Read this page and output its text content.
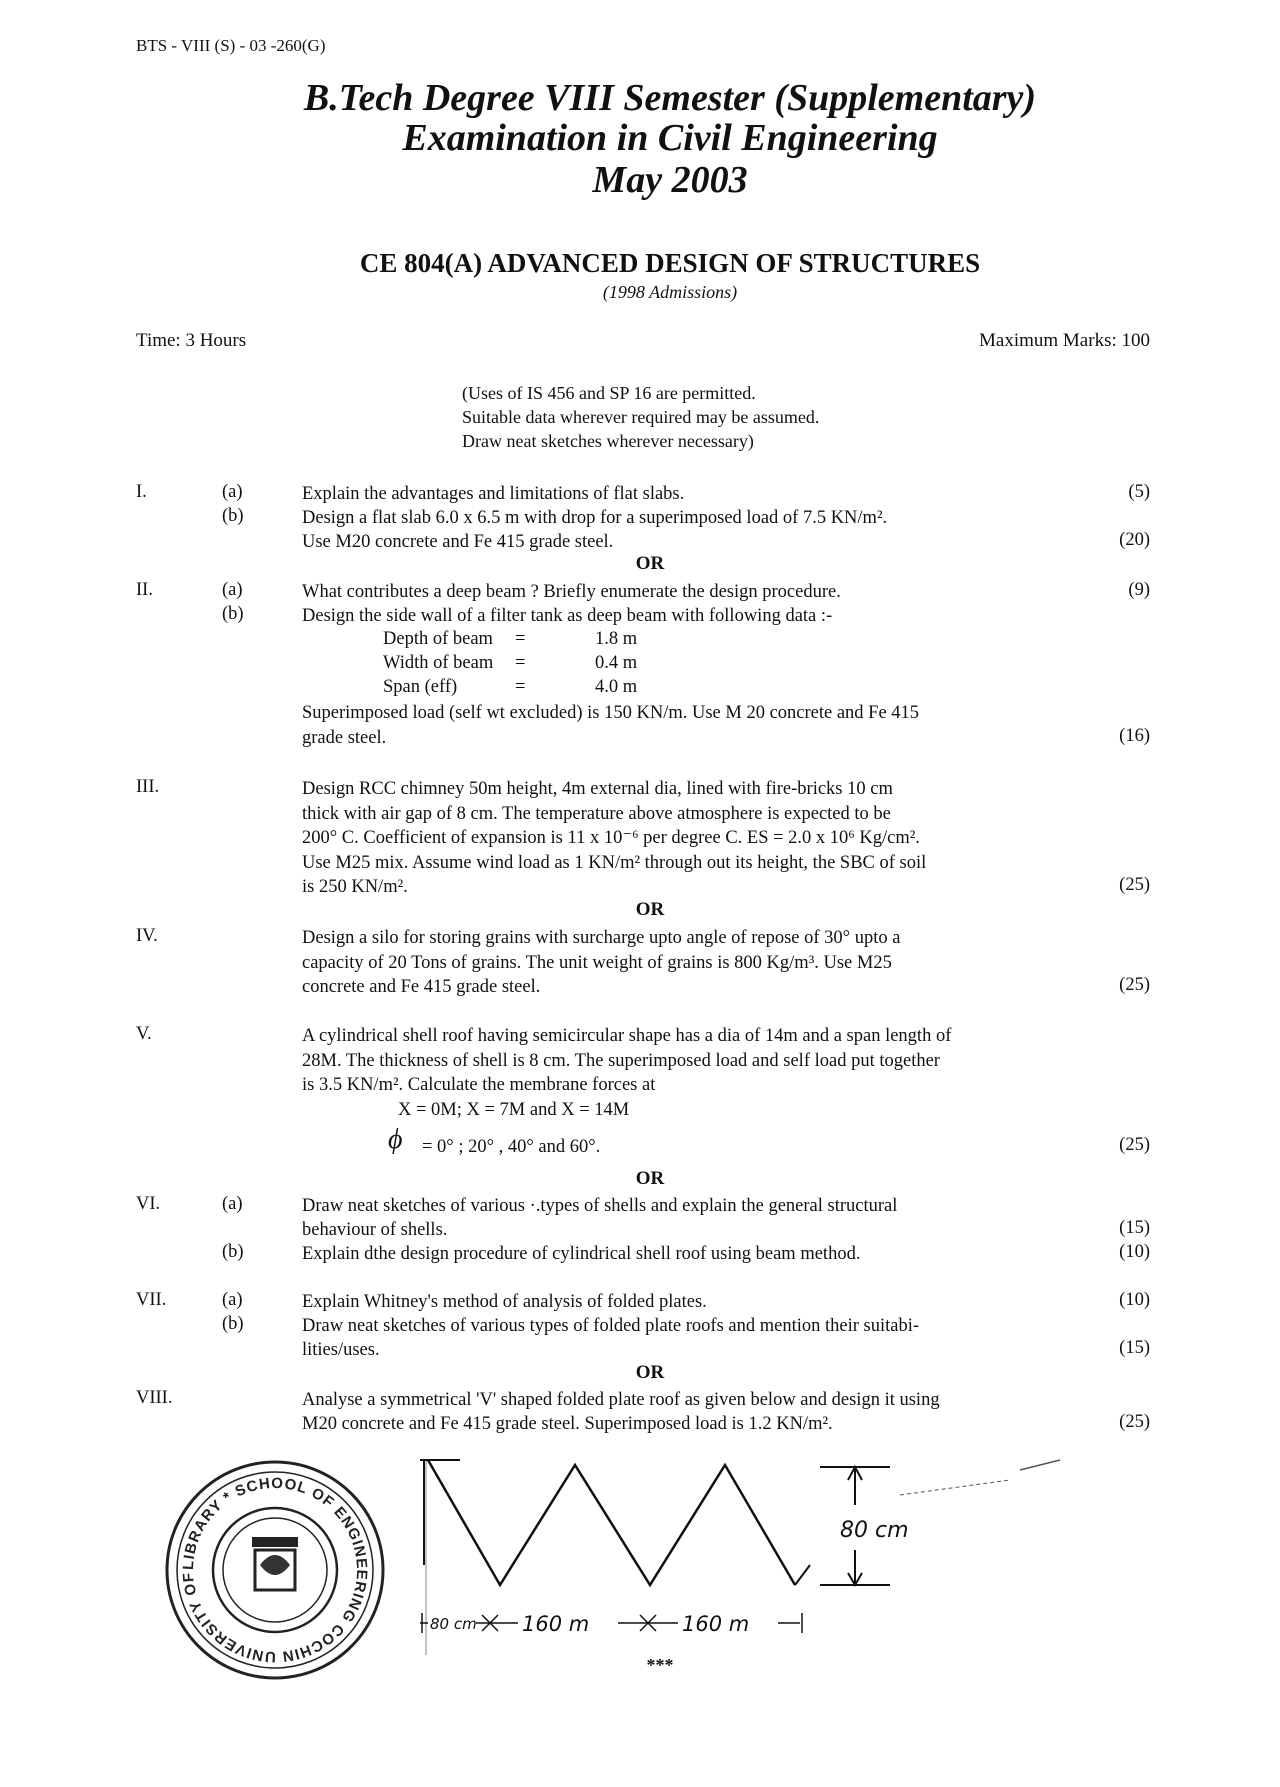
BTS - VIII (S) - 03 -260(G)
B.Tech Degree VIII Semester (Supplementary)
Examination in Civil Engineering
May 2003
CE 804(A) ADVANCED DESIGN OF STRUCTURES
(1998 Admissions)
Time: 3 Hours	Maximum Marks: 100
(Uses of IS 456 and SP 16 are permitted.
Suitable data wherever required may be assumed.
Draw neat sketches wherever necessary)
I.	(a)	Explain the advantages and limitations of flat slabs.	(5)
(b)	Design a flat slab 6.0 x 6.5 m with drop for a superimposed load of 7.5 KN/m².
Use M20 concrete and Fe 415 grade steel.	(20)
OR
II.	(a)	What contributes a deep beam ? Briefly enumerate the design procedure.	(9)
(b)	Design the side wall of a filter tank as deep beam with following data :-
Depth of beam =	1.8 m
Width of beam =	0.4 m
Span (eff)	=	4.0 m
Superimposed load (self wt excluded) is 150 KN/m. Use M 20 concrete and Fe 415
grade steel.	(16)
III.	Design RCC chimney 50m height, 4m external dia, lined with fire-bricks 10 cm
thick with air gap of 8 cm. The temperature above atmosphere is expected to be
200° C. Coefficient of expansion is 11 x 10⁻⁶ per degree C. ES = 2.0 x 10⁶ Kg/cm².
Use M25 mix. Assume wind load as 1 KN/m² through out its height, the SBC of soil
is 250 KN/m².	(25)
OR
IV.	Design a silo for storing grains with surcharge upto angle of repose of 30° upto a
capacity of 20 Tons of grains. The unit weight of grains is 800 Kg/m³. Use M25
concrete and Fe 415 grade steel.	(25)
V.	A cylindrical shell roof having semicircular shape has a dia of 14m and a span length of
28M. The thickness of shell is 8 cm. The superimposed load and self load put together
is 3.5 KN/m². Calculate the membrane forces at
X = 0M; X = 7M and X = 14M
ϕ = 0° ; 20° , 40° and 60°.	(25)
OR
VI.	(a)	Draw neat sketches of various ·.types of shells and explain the general structural
behaviour of shells.	(15)
(b)	Explain dthe design procedure of cylindrical shell roof using beam method.	(10)
VII.	(a)	Explain Whitney's method of analysis of folded plates.	(10)
(b)	Draw neat sketches of various types of folded plate roofs and mention their suitabi-
lities/uses.	(15)
OR
VIII.	Analyse a symmetrical 'V' shaped folded plate roof as given below and design it using
M20 concrete and Fe 415 grade steel. Superimposed load is 1.2 KN/m².	(25)
LIBRARY * SCHOOL OF ENGINEERING COCHIN UNIVERSITY OF
80 cm
80 cm 160 m	160 m
***
